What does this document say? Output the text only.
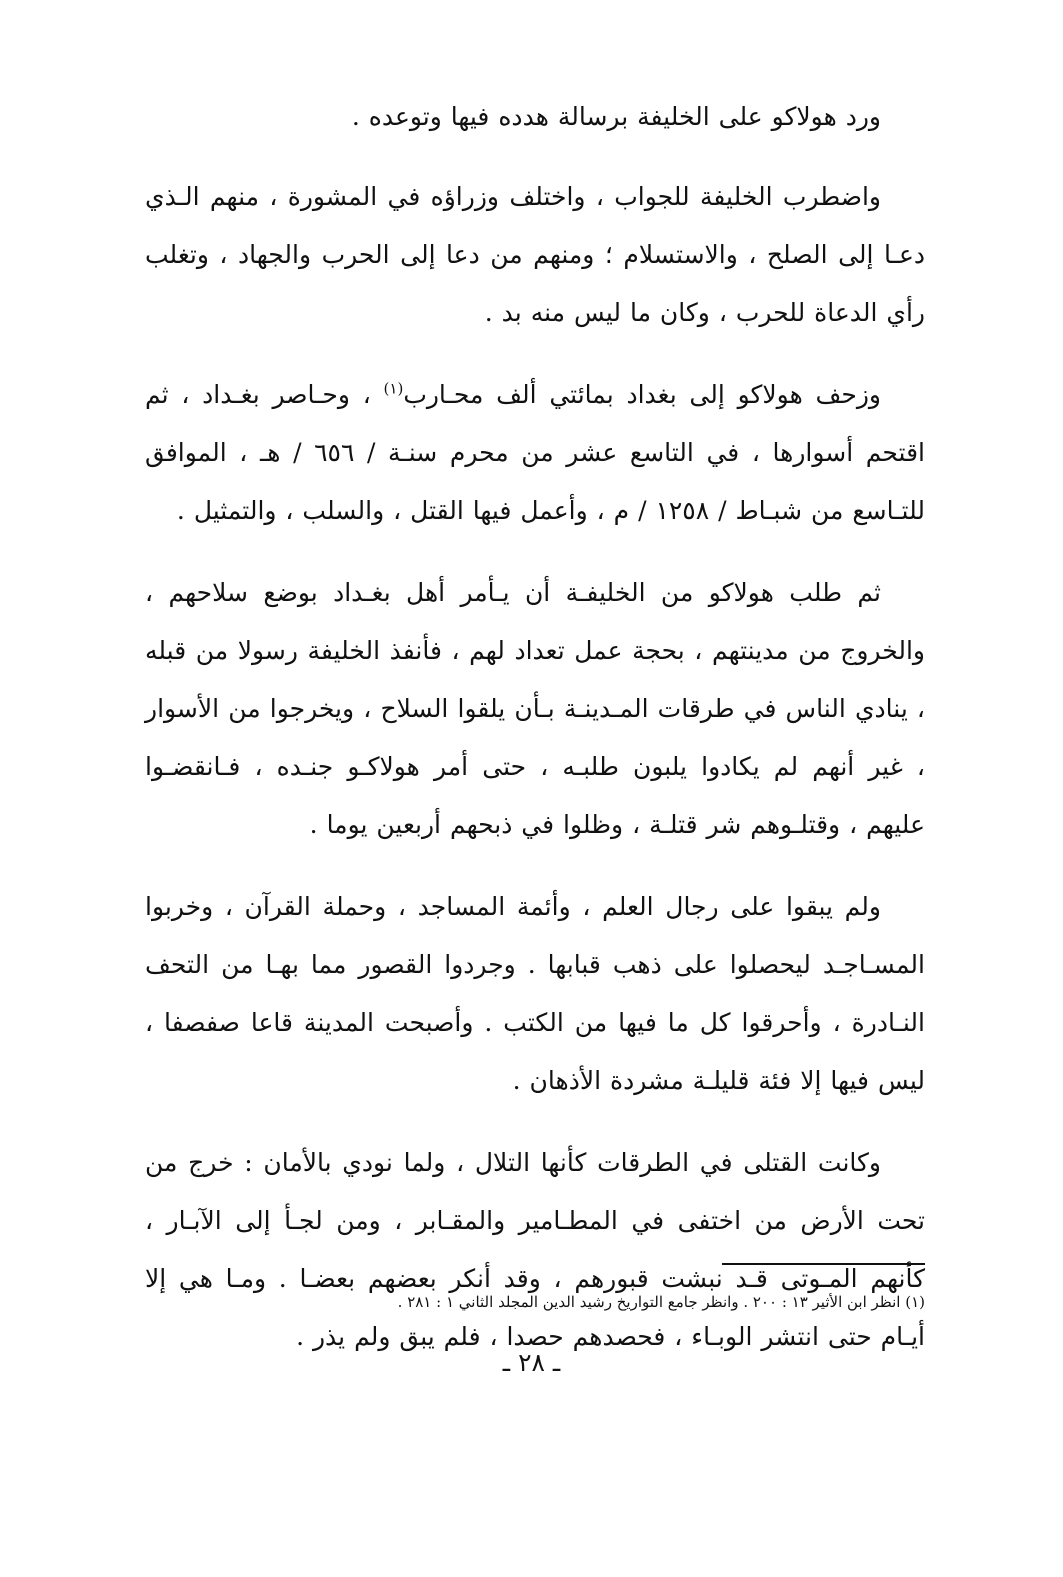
ورد هولاكو على الخليفة برسالة هدده فيها وتوعده .

واضطرب الخليفة للجواب ، واختلف وزراؤه في المشورة ، منهم الـذي دعـا إلى الصلح ، والاستسلام ؛ ومنهم من دعا إلى الحرب والجهاد ، وتغلب رأي الدعاة للحرب ، وكان ما ليس منه بد .

وزحف هولاكو إلى بغداد بمائتي ألف محـارب$^{(١)}$ ، وحـاصر بغـداد ، ثم اقتحم أسوارها ، في التاسع عشر من محرم سنـة / ٦٥٦ / هـ ، الموافق للتـاسع من شبـاط / ١٢٥٨ / م ، وأعمل فيها القتل ، والسلب ، والتمثيل .

ثم طلب هولاكو من الخليفـة أن يـأمر أهل بغـداد بوضع سلاحهم ، والخروج من مدينتهم ، بحجة عمل تعداد لهم ، فأنفذ الخليفة رسولا من قبله ، ينادي الناس في طرقات المـدينـة بـأن يلقوا السلاح ، ويخرجوا من الأسوار ، غير أنهم لم يكادوا يلبون طلبـه ، حتى أمر هولاكـو جنـده ، فـانقضـوا عليهم ، وقتلـوهم شر قتلـة ، وظلوا في ذبحهم أربعين يوما .

ولم يبقوا على رجال العلم ، وأئمة المساجد ، وحملة القرآن ، وخربوا المسـاجـد ليحصلوا على ذهب قبابها . وجردوا القصور مما بهـا من التحف النـادرة ، وأحرقوا كل ما فيها من الكتب . وأصبحت المدينة قاعا صفصفا ، ليس فيها إلا فئة قليلـة مشردة الأذهان .

وكانت القتلى في الطرقات كأنها التلال ، ولما نودي بالأمان : خرج من تحت الأرض من اختفى في المطـامير والمقـابر ، ومن لجـأ إلى الآبـار ، كأنهم المـوتى قـد نبشت قبورهم ، وقد أنكر بعضهم بعضـا . ومـا هي إلا أيـام حتى انتشر الوبـاء ، فحصدهم حصدا ، فلم يبق ولم يذر .

(١) انظر ابن الأثير ١٣ : ٢٠٠ . وانظر جامع التواريخ رشيد الدين المجلد الثاني ١ : ٢٨١ .

ـ ٢٨ ـ
